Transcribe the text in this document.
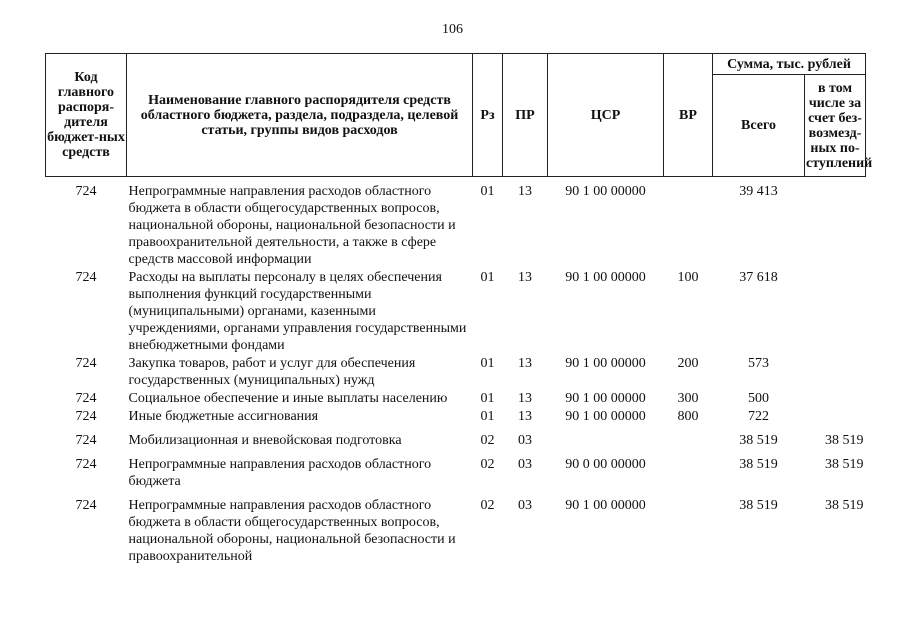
106
Код главного распоря-дителя бюджет-ных средств	Наименование главного распорядителя средств областного бюджета, раздела, подраздела, целевой статьи, группы видов расходов	Рз	ПР	ЦСР	ВР	Сумма, тыс. рублей	
						Всего	в том числе за счет без-возмезд-ных по-ступлений

724	Непрограммные направления расходов областного бюджета в области общегосударственных вопросов, национальной обороны, национальной безопасности и правоохранительной деятельности, а также в сфере средств массовой информации	01	13	90 1 00 00000		39 413	
724	Расходы на выплаты персоналу в целях обеспечения выполнения функций государственными (муниципальными) органами, казенными учреждениями, органами управления государственными внебюджетными фондами	01	13	90 1 00 00000	100	37 618	
724	Закупка товаров, работ и услуг для обеспечения государственных (муниципальных) нужд	01	13	90 1 00 00000	200	573	
724	Социальное обеспечение и иные выплаты населению	01	13	90 1 00 00000	300	500	
724	Иные бюджетные ассигнования	01	13	90 1 00 00000	800	722	

724	Мобилизационная и вневойсковая подготовка	02	03			38 519	38 519

724	Непрограммные направления расходов областного бюджета	02	03	90 0 00 00000		38 519	38 519

724	Непрограммные направления расходов областного бюджета в области общегосударственных вопросов, национальной обороны, национальной безопасности и правоохранительной	02	03	90 1 00 00000		38 519	38 519
